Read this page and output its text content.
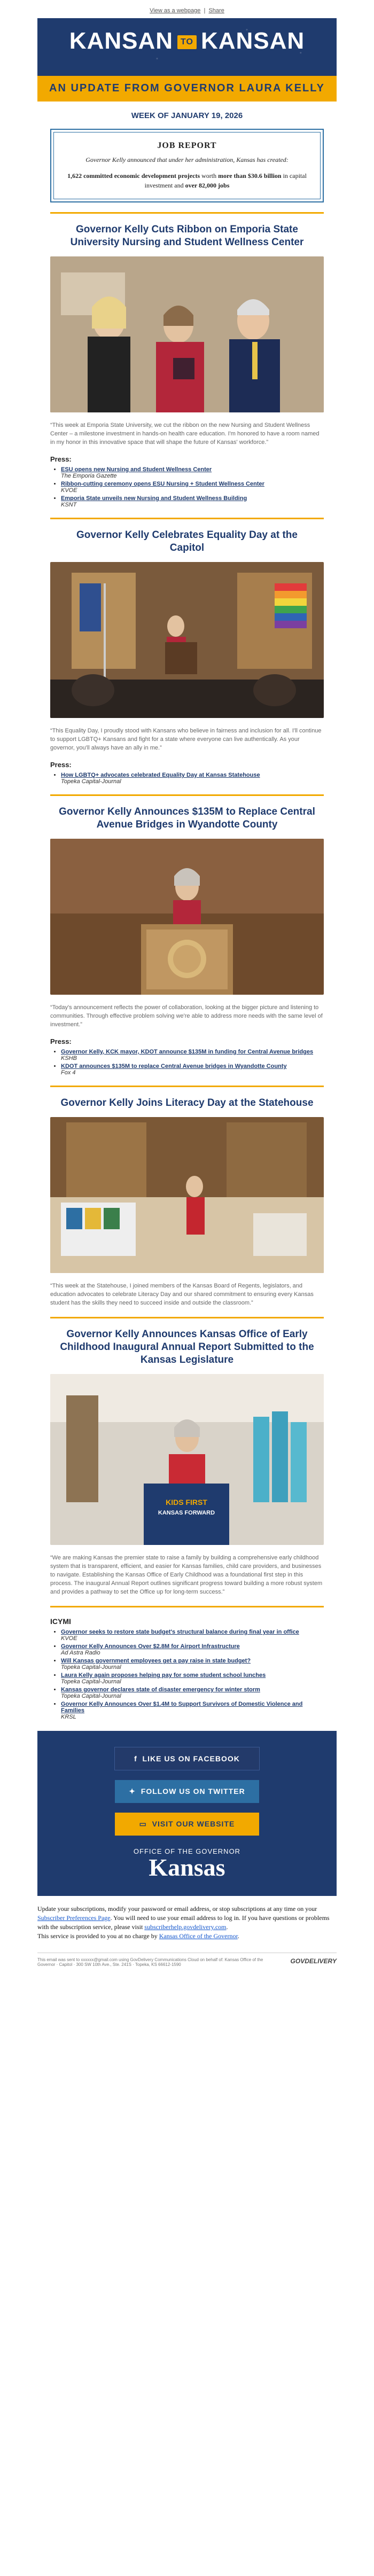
View as a webpage  |  Share
KANSAN TO KANSAN
AN UPDATE FROM GOVERNOR LAURA KELLY
WEEK OF JANUARY 19, 2026
JOB REPORT

Governor Kelly announced that under her administration, Kansas has created:

1,622 committed economic development projects worth more than $30.6 billion in capital investment and over 82,000 jobs

Governor Kelly Cuts Ribbon on Emporia State University Nursing and Student Wellness Center
“This week at Emporia State University, we cut the ribbon on the new Nursing and Student Wellness Center – a milestone investment in hands-on health care education. I'm honored to have a room named in my honor in this innovative space that will shape the future of Kansas' workforce.”
Press:
• ESU opens new Nursing and Student Wellness Center
The Emporia Gazette
• Ribbon-cutting ceremony opens ESU Nursing + Student Wellness Center
KVOE
• Emporia State unveils new Nursing and Student Wellness Building
KSNT
Governor Kelly Celebrates Equality Day at the Capitol
“This Equality Day, I proudly stood with Kansans who believe in fairness and inclusion for all. I'll continue to support LGBTQ+ Kansans and fight for a state where everyone can live authentically. As your governor, you'll always have an ally in me.”
Press:
• How LGBTQ+ advocates celebrated Equality Day at Kansas Statehouse
Topeka Capital-Journal
Governor Kelly Announces $135M to Replace Central Avenue Bridges in Wyandotte County
“Today's announcement reflects the power of collaboration, looking at the bigger picture and listening to communities. Through effective problem solving we're able to address more needs with the same level of investment.”
Press:
• Governor Kelly, KCK mayor, KDOT announce $135M in funding for Central Avenue bridges
KSHB
• KDOT announces $135M to replace Central Avenue bridges in Wyandotte County
Fox 4
Governor Kelly Joins Literacy Day at the Statehouse
“This week at the Statehouse, I joined members of the Kansas Board of Regents, legislators, and education advocates to celebrate Literacy Day and our shared commitment to ensuring every Kansas student has the skills they need to succeed inside and outside the classroom.”
Governor Kelly Announces Kansas Office of Early Childhood Inaugural Annual Report Submitted to the Kansas Legislature
KIDS FIRST
KANSAS FORWARD
“We are making Kansas the premier state to raise a family by building a comprehensive early childhood system that is transparent, efficient, and easier for Kansas families, child care providers, and businesses to navigate. Establishing the Kansas Office of Early Childhood was a foundational first step in this process. The inaugural Annual Report outlines significant progress toward building a more robust system and provides a pathway to set the Office up for long-term success.”
ICYMI
• Governor seeks to restore state budget's structural balance during final year in office
KVOE
• Governor Kelly Announces Over $2.8M for Airport Infrastructure
Ad Astra Radio
• Will Kansas government employees get a pay raise in state budget?
Topeka Capital-Journal
• Laura Kelly again proposes helping pay for some student school lunches
Topeka Capital-Journal
• Kansas governor declares state of disaster emergency for winter storm
Topeka Capital-Journal
• Governor Kelly Announces Over $1.4M to Support Survivors of Domestic Violence and Families
KRSL
f  LIKE US ON FACEBOOK
✦  FOLLOW US ON TWITTER
▭  VISIT OUR WEBSITE
OFFICE OF THE GOVERNOR
Kansas
Update your subscriptions, modify your password or email address, or stop subscriptions at any time on your Subscriber Preferences Page. You will need to use your email address to log in. If you have questions or problems with the subscription service, please visit subscriberhelp.govdelivery.com.
This service is provided to you at no charge by Kansas Office of the Governor.
This email was sent to xxxxxx@gmail.com using GovDelivery Communications Cloud on behalf of: Kansas Office of the Governor · Capitol · 300 SW 10th Ave., Ste. 241S · Topeka, KS 66612-1590	GOVDELIVERY
